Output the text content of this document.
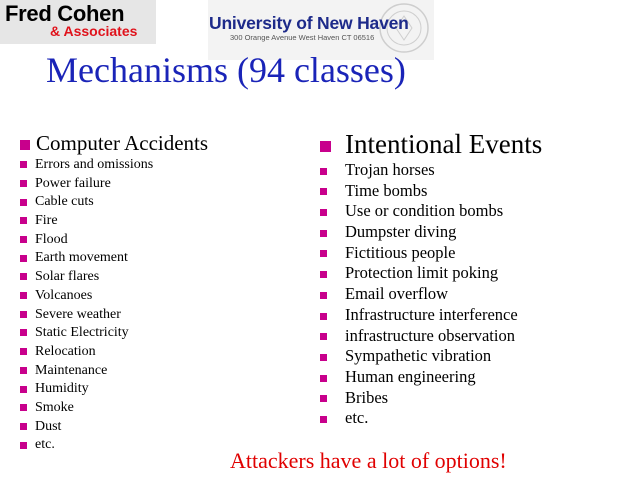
Fred Cohen
& Associates	University of New Haven
300 Orange Avenue West Haven CT 06516
Mechanisms (94 classes)
Computer Accidents
Errors and omissions
Power failure
Cable cuts
Fire
Flood
Earth movement
Solar flares
Volcanoes
Severe weather
Static Electricity
Relocation
Maintenance
Humidity
Smoke
Dust
etc.
Intentional Events
Trojan horses
Time bombs
Use or condition bombs
Dumpster diving
Fictitious people
Protection limit poking
Email overflow
Infrastructure interference
infrastructure observation
Sympathetic vibration
Human engineering
Bribes
etc.
Attackers have a lot of options!
